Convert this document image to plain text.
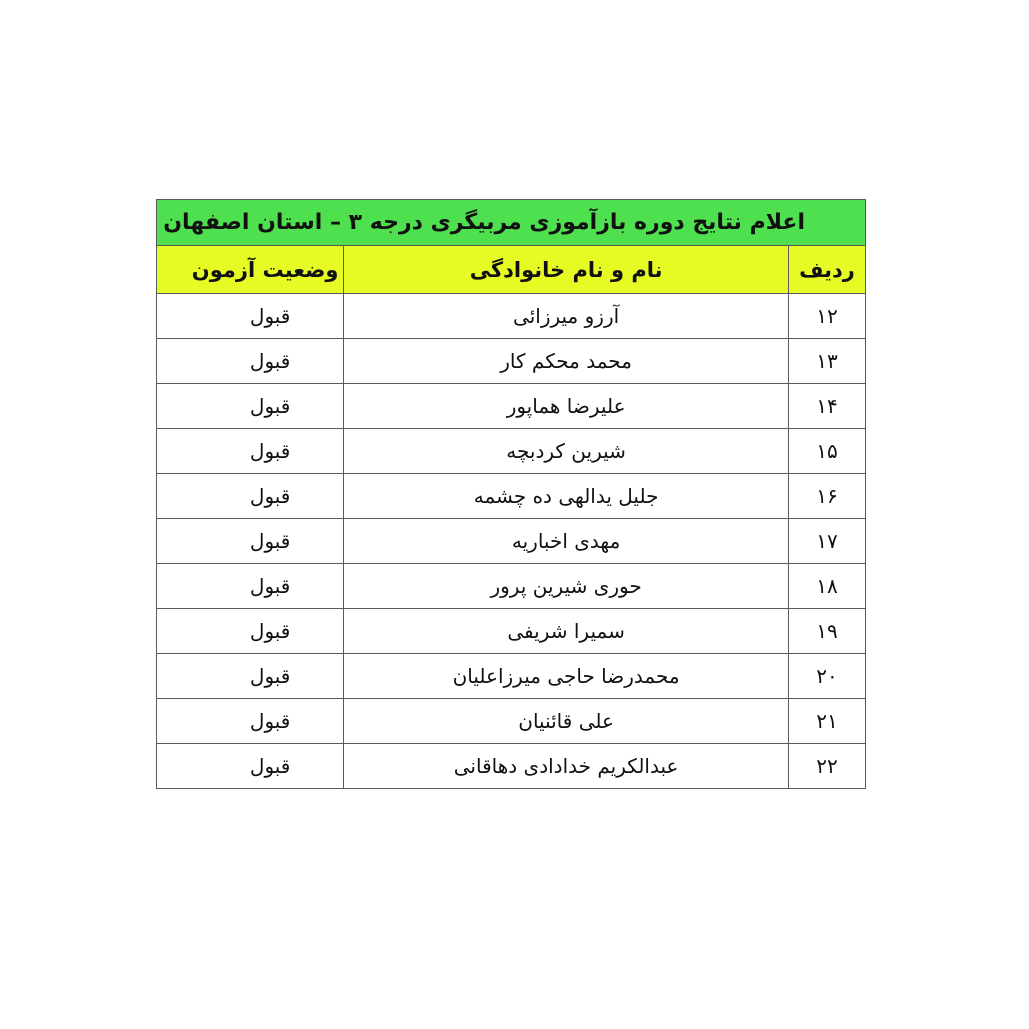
اعلام نتایج دوره بازآموزی مربیگری درجه ۳ – استان اصفهان		
ردیف	نام و نام خانوادگی	وضعیت آزمون
۱۲	آرزو میرزائی	قبول
۱۳	محمد محکم کار	قبول
۱۴	علیرضا هماپور	قبول
۱۵	شیرین کردبچه	قبول
۱۶	جلیل یدالهی ده چشمه	قبول
۱۷	مهدی اخباریه	قبول
۱۸	حوری شیرین پرور	قبول
۱۹	سمیرا شریفی	قبول
۲۰	محمدرضا حاجی میرزاعلیان	قبول
۲۱	علی قائنیان	قبول
۲۲	عبدالکریم خدادادی دهاقانی	قبول
